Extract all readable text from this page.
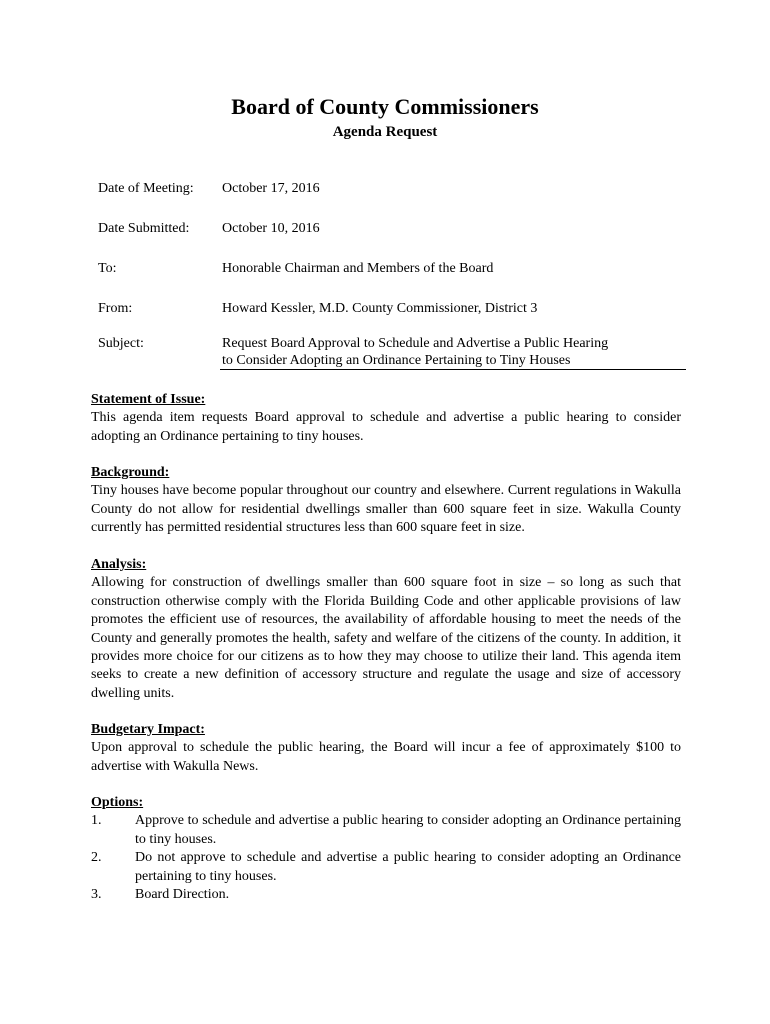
Board of County Commissioners
Agenda Request
Date of Meeting: October 17, 2016
Date Submitted: October 10, 2016
To:	Honorable Chairman and Members of the Board
From:	Howard Kessler, M.D. County Commissioner, District 3
Subject:	Request Board Approval to Schedule and Advertise a Public Hearing
to Consider Adopting an Ordinance Pertaining to Tiny Houses
Statement of Issue:
This agenda item requests Board approval to schedule and advertise a public hearing to consider adopting an Ordinance pertaining to tiny houses.
Background:
Tiny houses have become popular throughout our country and elsewhere. Current regulations in Wakulla County do not allow for residential dwellings smaller than 600 square feet in size. Wakulla County currently has permitted residential structures less than 600 square feet in size.
Analysis:
Allowing for construction of dwellings smaller than 600 square foot in size – so long as such that construction otherwise comply with the Florida Building Code and other applicable provisions of law promotes the efficient use of resources, the availability of affordable housing to meet the needs of the County and generally promotes the health, safety and welfare of the citizens of the county. In addition, it provides more choice for our citizens as to how they may choose to utilize their land. This agenda item seeks to create a new definition of accessory structure and regulate the usage and size of accessory dwelling units.
Budgetary Impact:
Upon approval to schedule the public hearing, the Board will incur a fee of approximately $100 to advertise with Wakulla News.
Options:
1. Approve to schedule and advertise a public hearing to consider adopting an Ordinance pertaining to tiny houses.
2. Do not approve to schedule and advertise a public hearing to consider adopting an Ordinance pertaining to tiny houses.
3. Board Direction.
